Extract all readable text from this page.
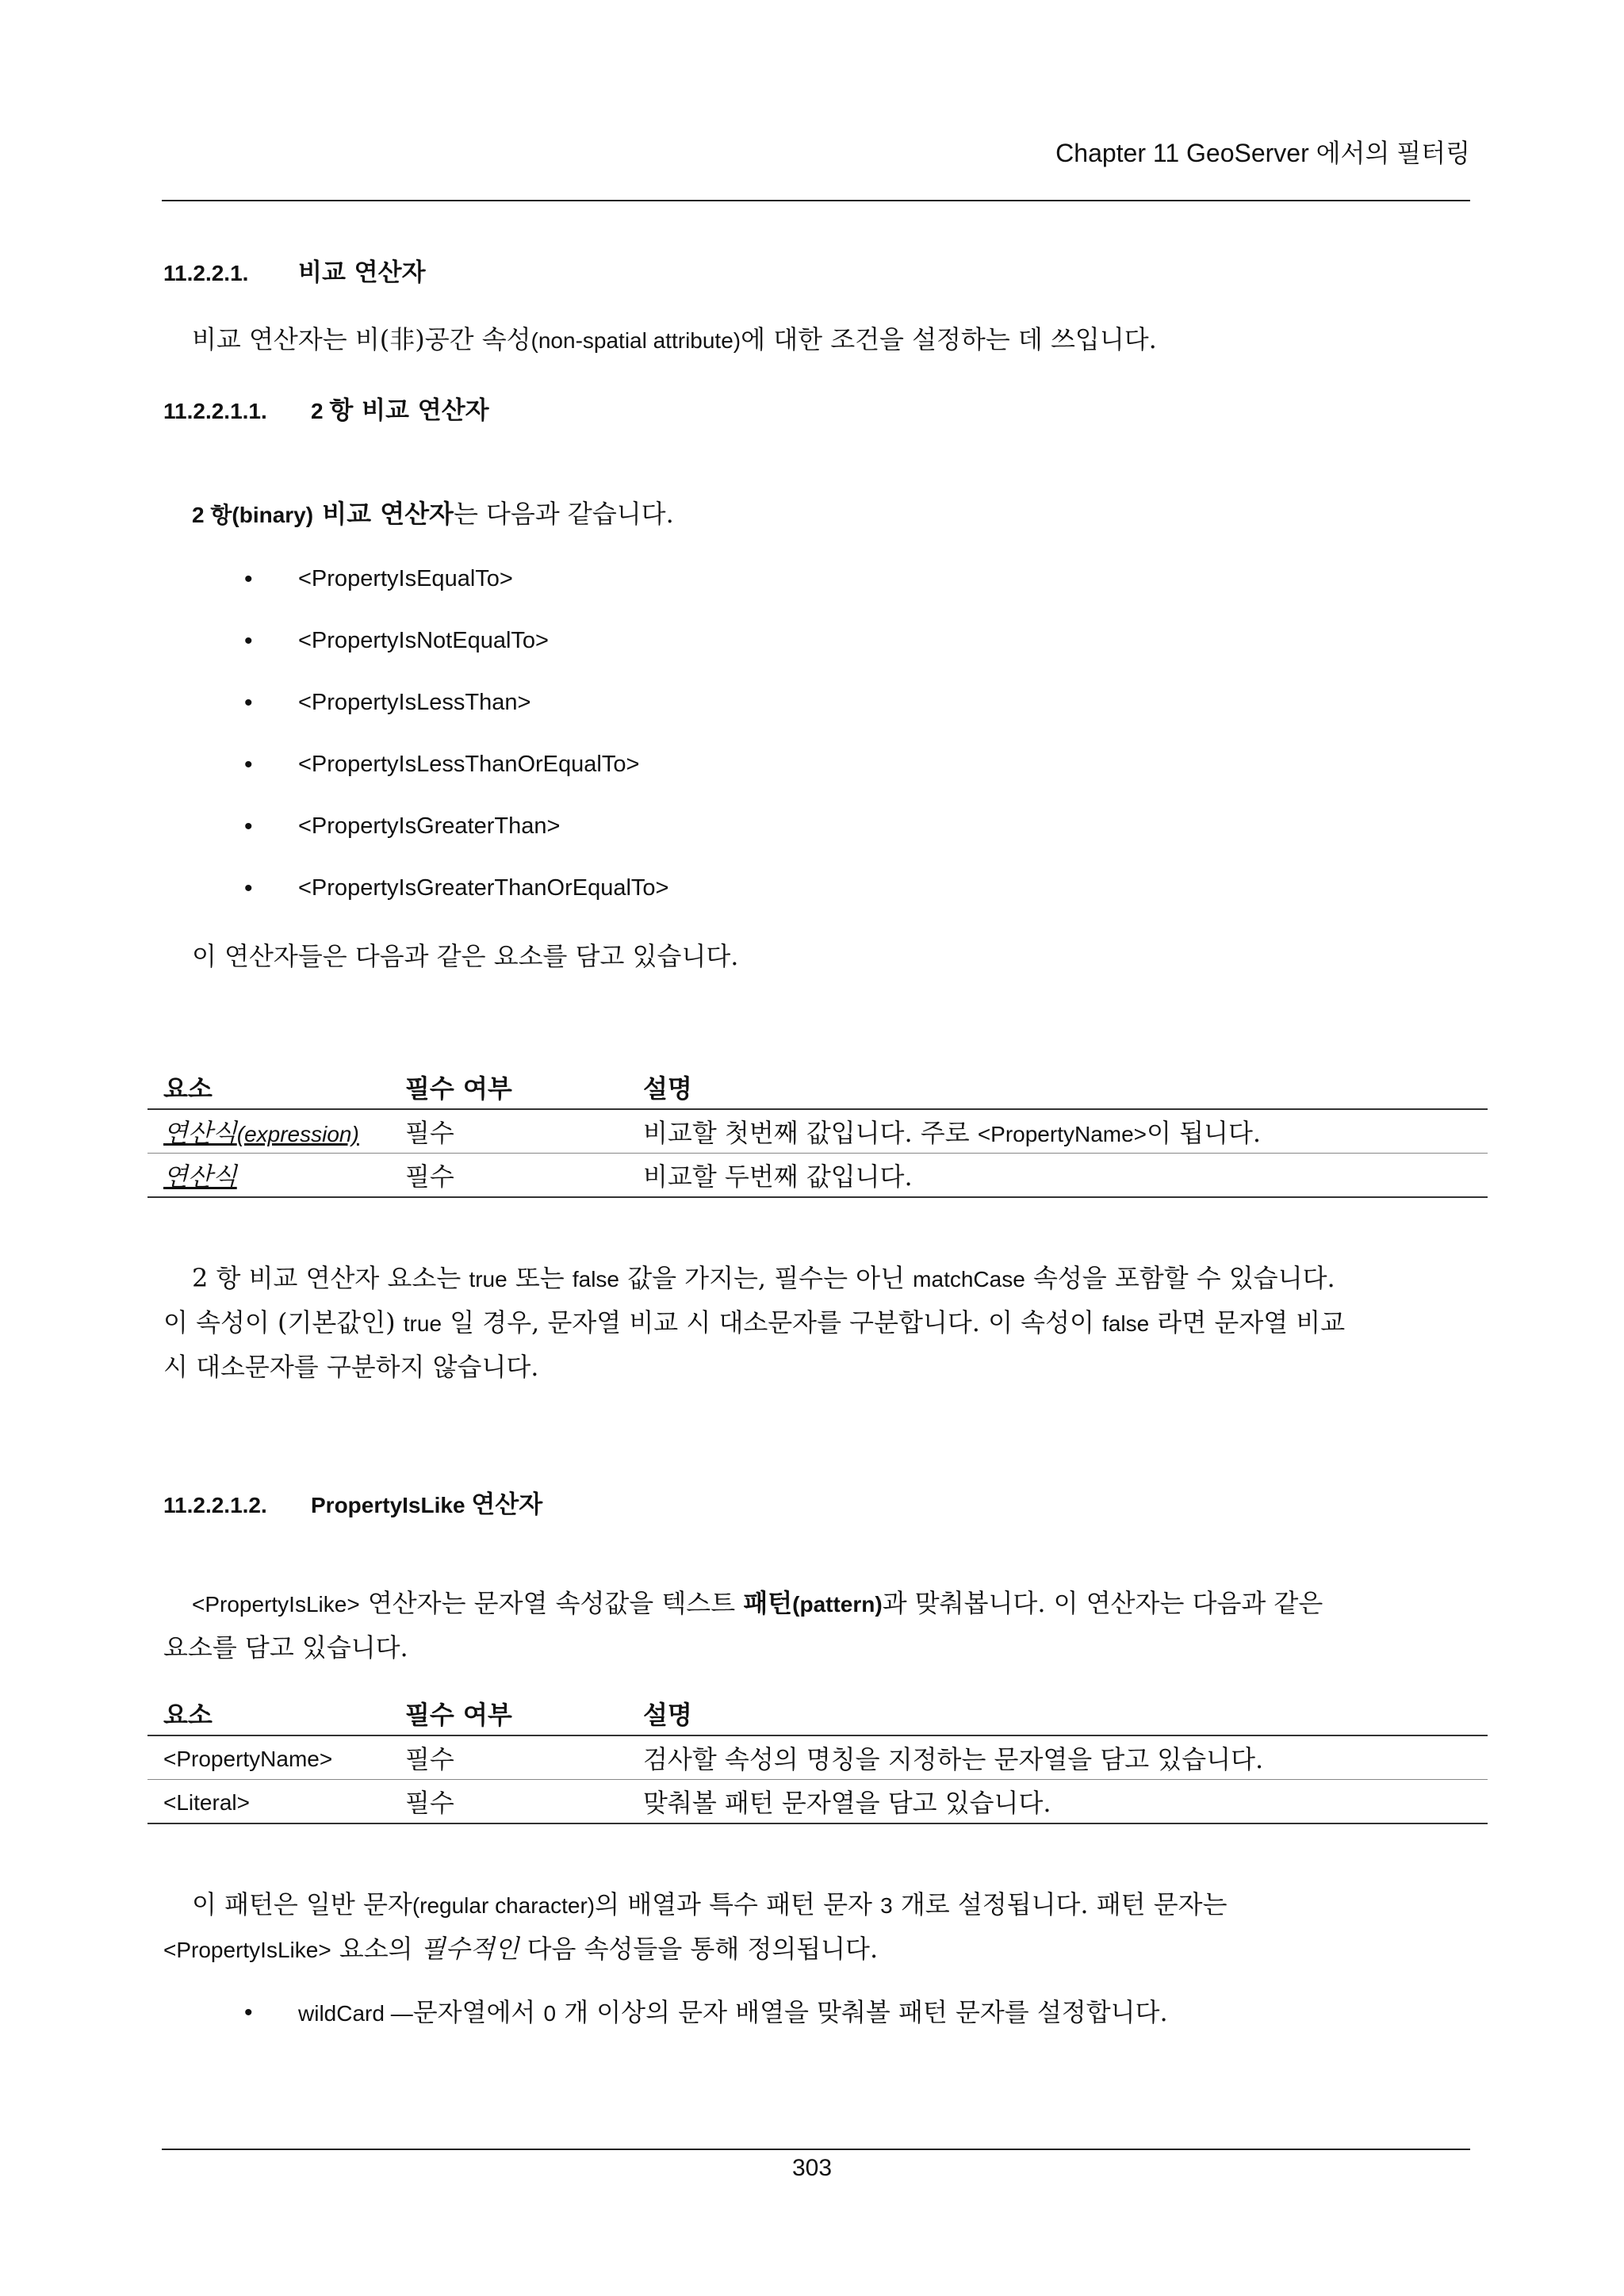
Chapter 11 GeoServer 에서의 필터링
11.2.2.1. 비교 연산자
비교 연산자는 비(非)공간 속성(non-spatial attribute)에 대한 조건을 설정하는 데 쓰입니다.
11.2.2.1.1. 2 항 비교 연산자
2 항(binary) 비교 연산자는 다음과 같습니다.
• <PropertyIsEqualTo>
• <PropertyIsNotEqualTo>
• <PropertyIsLessThan>
• <PropertyIsLessThanOrEqualTo>
• <PropertyIsGreaterThan>
• <PropertyIsGreaterThanOrEqualTo>
이 연산자들은 다음과 같은 요소를 담고 있습니다.
요소	필수 여부	설명
연산식(expression)	필수	비교할 첫번째 값입니다. 주로 <PropertyName>이 됩니다.
연산식	필수	비교할 두번째 값입니다.
2 항 비교 연산자 요소는 true 또는 false 값을 가지는, 필수는 아닌 matchCase 속성을 포함할 수 있습니다.
이 속성이 (기본값인) true 일 경우, 문자열 비교 시 대소문자를 구분합니다. 이 속성이 false 라면 문자열 비교
시 대소문자를 구분하지 않습니다.
11.2.2.1.2. PropertyIsLike 연산자
<PropertyIsLike> 연산자는 문자열 속성값을 텍스트 패턴(pattern)과 맞춰봅니다. 이 연산자는 다음과 같은
요소를 담고 있습니다.
요소	필수 여부	설명
<PropertyName>	필수	검사할 속성의 명칭을 지정하는 문자열을 담고 있습니다.
<Literal>	필수	맞춰볼 패턴 문자열을 담고 있습니다.
이 패턴은 일반 문자(regular character)의 배열과 특수 패턴 문자 3 개로 설정됩니다. 패턴 문자는
<PropertyIsLike> 요소의 필수적인 다음 속성들을 통해 정의됩니다.
• wildCard —문자열에서 0 개 이상의 문자 배열을 맞춰볼 패턴 문자를 설정합니다.
303
